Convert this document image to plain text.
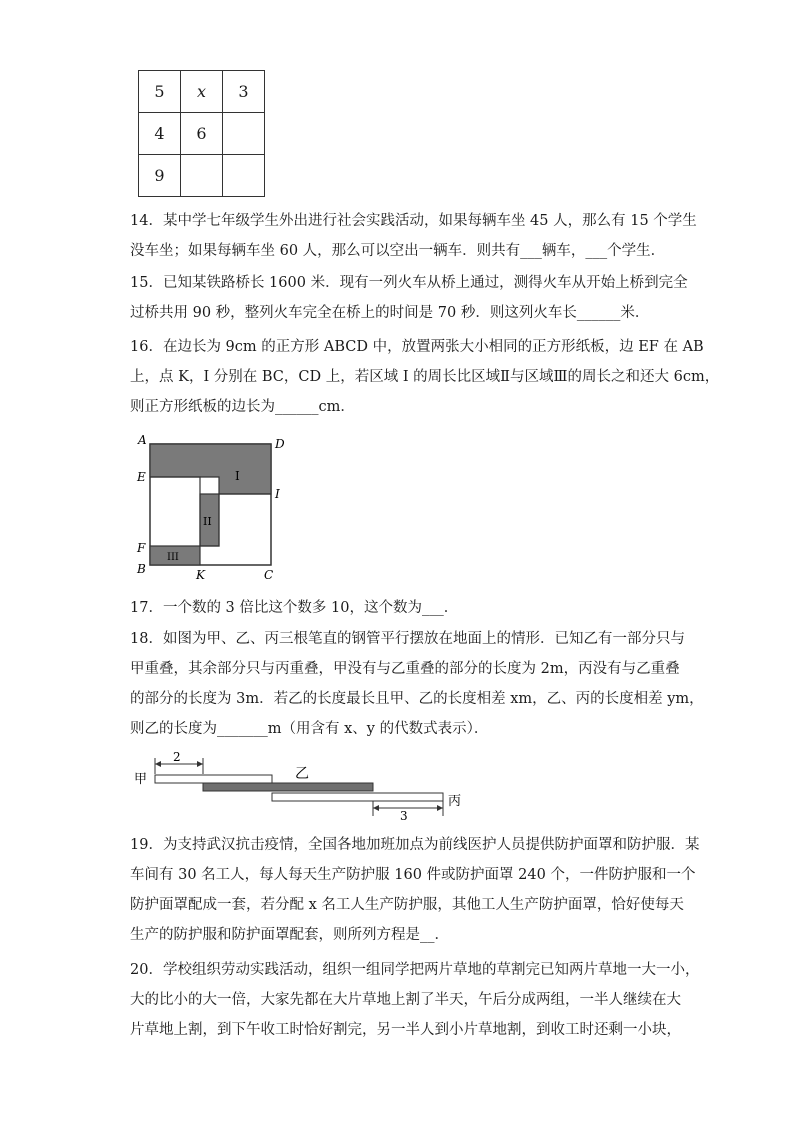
5	x	3
4	6	
9		

14．某中学七年级学生外出进行社会实践活动，如果每辆车坐 45 人，那么有 15 个学生

没车坐；如果每辆车坐 60 人，那么可以空出一辆车．则共有___辆车，___个学生．

15．已知某铁路桥长 1600 米．现有一列火车从桥上通过，测得火车从开始上桥到完全

过桥共用 90 秒，整列火车完全在桥上的时间是 70 秒．则这列火车长______米．

16．在边长为 9cm 的正方形 ABCD 中，放置两张大小相同的正方形纸板，边 EF 在 AB

上，点 K，I 分别在 BC，CD 上，若区域 I 的周长比区域Ⅱ与区域Ⅲ的周长之和还大 6cm，

则正方形纸板的边长为______cm．

A	D
E
I
F
B	K	C
I
II
III

17．一个数的 3 倍比这个数多 10，这个数为___．

18．如图为甲、乙、丙三根笔直的钢管平行摆放在地面上的情形．已知乙有一部分只与

甲重叠，其余部分只与丙重叠，甲没有与乙重叠的部分的长度为 2m，丙没有与乙重叠

的部分的长度为 3m．若乙的长度最长且甲、乙的长度相差 xm，乙、丙的长度相差 ym，

则乙的长度为_______m（用含有 x、y 的代数式表示）．

2
甲	乙
丙
3

19．为支持武汉抗击疫情，全国各地加班加点为前线医护人员提供防护面罩和防护服．某

车间有 30 名工人，每人每天生产防护服 160 件或防护面罩 240 个，一件防护服和一个

防护面罩配成一套，若分配 x 名工人生产防护服，其他工人生产防护面罩，恰好使每天

生产的防护服和防护面罩配套，则所列方程是__．

20．学校组织劳动实践活动，组织一组同学把两片草地的草割完已知两片草地一大一小，

大的比小的大一倍，大家先都在大片草地上割了半天，午后分成两组，一半人继续在大

片草地上割，到下午收工时恰好割完，另一半人到小片草地割，到收工时还剩一小块，
